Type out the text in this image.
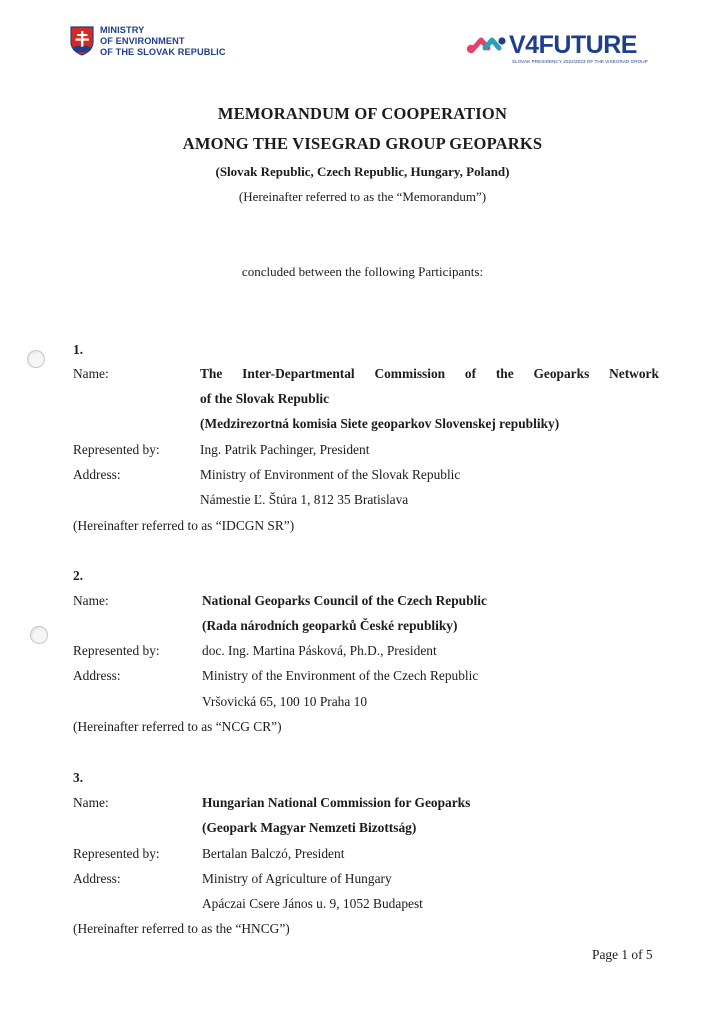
MINISTRY
OF ENVIRONMENT
OF THE SLOVAK REPUBLIC	V4FUTURE
SLOVAK PRESIDENCY 2022/2023 OF THE VISEGRAD GROUP
MEMORANDUM OF COOPERATION
AMONG THE VISEGRAD GROUP GEOPARKS
(Slovak Republic, Czech Republic, Hungary, Poland)
(Hereinafter referred to as the “Memorandum”)
concluded between the following Participants:
1.
Name:	The Inter-Departmental Commission of the Geoparks Network
of the Slovak Republic
(Medzirezortná komisia Siete geoparkov Slovenskej republiky)
Represented by:	Ing. Patrik Pachinger, President
Address:	Ministry of Environment of the Slovak Republic
Námestie Ľ. Štúra 1, 812 35 Bratislava
(Hereinafter referred to as “IDCGN SR”)
2.
Name:	National Geoparks Council of the Czech Republic
(Rada národních geoparků České republiky)
Represented by:	doc. Ing. Martina Pásková, Ph.D., President
Address:	Ministry of the Environment of the Czech Republic
Vršovická 65, 100 10 Praha 10
(Hereinafter referred to as “NCG CR”)
3.
Name:	Hungarian National Commission for Geoparks
(Geopark Magyar Nemzeti Bizottság)
Represented by:	Bertalan Balczó, President
Address:	Ministry of Agriculture of Hungary
Apáczai Csere János u. 9, 1052 Budapest
(Hereinafter referred to as the “HNCG”)
Page 1 of 5
